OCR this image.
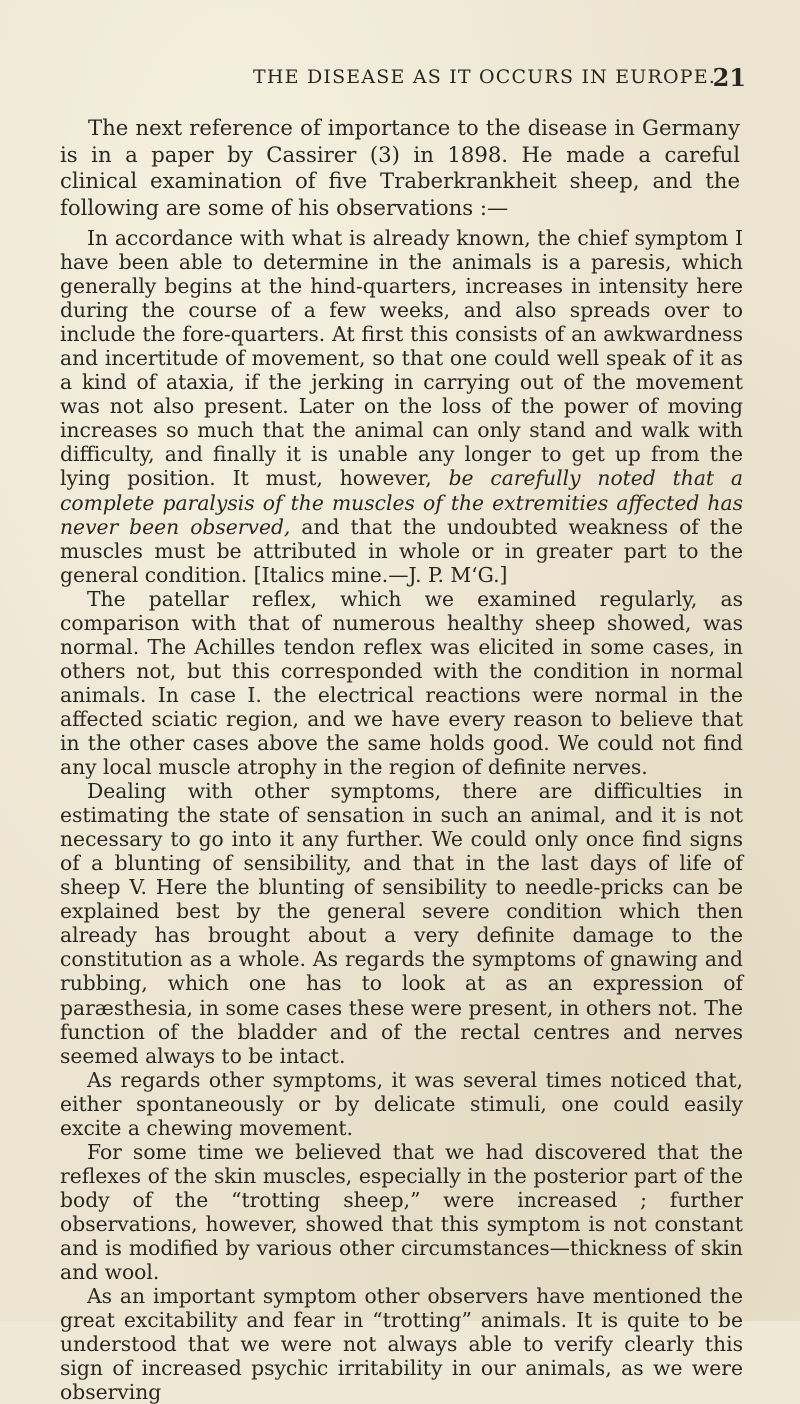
THE DISEASE AS IT OCCURS IN EUROPE.
21

The next reference of importance to the disease in Germany is in a paper by Cassirer (3) in 1898. He made a careful clinical examination of five Traberkrankheit sheep, and the following are some of his observations :—

In accordance with what is already known, the chief symptom I have been able to determine in the animals is a paresis, which generally begins at the hind-quarters, increases in intensity here during the course of a few weeks, and also spreads over to include the fore-quarters. At first this consists of an awkwardness and incertitude of movement, so that one could well speak of it as a kind of ataxia, if the jerking in carrying out of the movement was not also present. Later on the loss of the power of moving increases so much that the animal can only stand and walk with difficulty, and finally it is unable any longer to get up from the lying position. It must, however, be carefully noted that a complete paralysis of the muscles of the extremities affected has never been observed, and that the undoubted weakness of the muscles must be attributed in whole or in greater part to the general condition. [Italics mine.—J. P. M‘G.]

The patellar reflex, which we examined regularly, as comparison with that of numerous healthy sheep showed, was normal. The Achilles tendon reflex was elicited in some cases, in others not, but this corresponded with the condition in normal animals. In case I. the electrical reactions were normal in the affected sciatic region, and we have every reason to believe that in the other cases above the same holds good. We could not find any local muscle atrophy in the region of definite nerves.

Dealing with other symptoms, there are difficulties in estimating the state of sensation in such an animal, and it is not necessary to go into it any further. We could only once find signs of a blunting of sensibility, and that in the last days of life of sheep V. Here the blunting of sensibility to needle-pricks can be explained best by the general severe condition which then already has brought about a very definite damage to the constitution as a whole. As regards the symptoms of gnawing and rubbing, which one has to look at as an expression of paræsthesia, in some cases these were present, in others not. The function of the bladder and of the rectal centres and nerves seemed always to be intact.

As regards other symptoms, it was several times noticed that, either spontaneously or by delicate stimuli, one could easily excite a chewing movement.

For some time we believed that we had discovered that the reflexes of the skin muscles, especially in the posterior part of the body of the “trotting sheep,” were increased ; further observations, however, showed that this symptom is not constant and is modified by various other circumstances—thickness of skin and wool.

As an important symptom other observers have mentioned the great excitability and fear in “trotting” animals. It is quite to be understood that we were not always able to verify clearly this sign of increased psychic irritability in our animals, as we were observing
